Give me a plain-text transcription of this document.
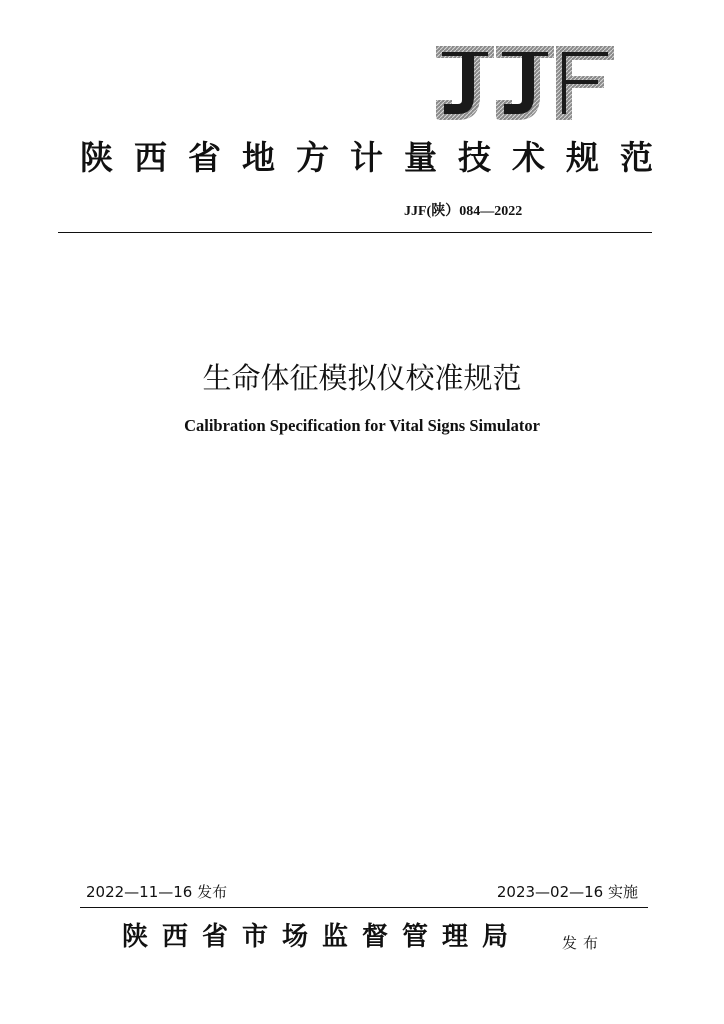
陕西省地方计量技术规范
JJF(陕）084—2022
生命体征模拟仪校准规范
Calibration Specification for Vital Signs Simulator
2022—11—16 发布	2023—02—16 实施
陕西省市场监督管理局	发布
